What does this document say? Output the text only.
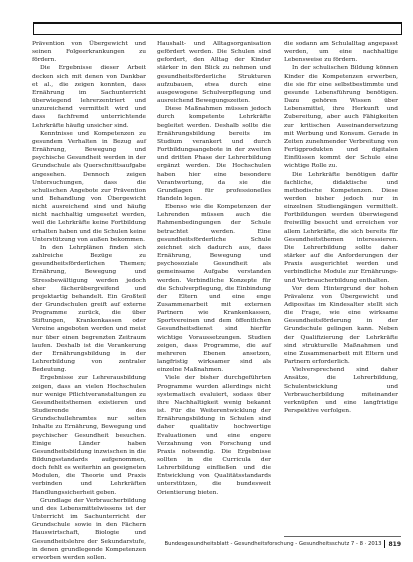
Prävention von Übergewicht und seinen Folgeerkrankungen zu fördern.

Die Ergebnisse dieser Arbeit decken sich mit denen von Dankbar et al., die zeigen konnten, dass Ernährung im Sachunterricht überwiegend lehrerzentriert und unzureichend vermittelt wird und dass fachfremd unterrichtende Lehrkräfte häufig unsicher sind.

Kenntnisse und Kompetenzen zu gesundem Verhalten in Bezug auf Ernährung, Bewegung und psychische Gesundheit werden in der Grundschule als Querschnittsaufgabe angesehen. Dennoch zeigen Untersuchungen, dass die schulischen Angebote zur Prävention und Behandlung von Übergewicht nicht ausreichend sind und häufig nicht nachhaltig umgesetzt werden, weil die Lehrkräfte keine Fortbildung erhalten haben und die Schulen keine Unterstützung von außen bekommen.

In den Lehrplänen finden sich zahlreiche Bezüge zu gesundheitsförderlichen Themen; Ernährung, Bewegung und Stressbewältigung werden jedoch eher fächerübergreifend und projektartig behandelt. Ein Großteil der Grundschulen greift auf externe Programme zurück, die über Stiftungen, Krankenkassen oder Vereine angeboten werden und meist nur über einen begrenzten Zeitraum laufen. Deshalb ist die Verankerung der Ernährungsbildung in der Lehrerbildung von zentraler Bedeutung.

Ergebnisse zur Lehrerausbildung zeigen, dass an vielen Hochschulen nur wenige Pflichtveranstaltungen zu Gesundheitsthemen existieren und Studierende des Grundschullehramtes nur selten Inhalte zu Ernährung, Bewegung und psychischer Gesundheit besuchen. Einige Länder haben Gesundheitsbildung inzwischen in die Bildungsstandards aufgenommen, doch fehlt es weiterhin an geeigneten Modulen, die Theorie und Praxis verbinden und Lehrkräften Handlungssicherheit geben.

Grundlage der Verbraucherbildung und des Lebensmittelwissens ist der Unterricht im Sachunterricht der Grundschule sowie in den Fächern Hauswirtschaft, Biologie und Gesundheitslehre der Sekundarstufe, in denen grundlegende Kompetenzen erworben werden sollen.

Haushalt- und Alltagsorganisation gefördert werden. Die Schulen sind gefordert, den Alltag der Kinder stärker in den Blick zu nehmen und gesundheitsförderliche Strukturen aufzubauen, etwa durch eine ausgewogene Schulverpflegung und ausreichend Bewegungszeiten.

Diese Maßnahmen müssen jedoch durch kompetente Lehrkräfte begleitet werden. Deshalb sollte die Ernährungsbildung bereits im Studium verankert und durch Fortbildungsangebote in der zweiten und dritten Phase der Lehrerbildung ergänzt werden. Die Hochschulen haben hier eine besondere Verantwortung, da sie die Grundlagen für professionelles Handeln legen.

Ebenso wie die Kompetenzen der Lehrenden müssen auch die Rahmenbedingungen der Schule betrachtet werden. Eine gesundheitsförderliche Schule zeichnet sich dadurch aus, dass Ernährung, Bewegung und psychosoziale Gesundheit als gemeinsame Aufgabe verstanden werden. Verbindliche Konzepte für die Schulverpflegung, die Einbindung der Eltern und eine enge Zusammenarbeit mit externen Partnern wie Krankenkassen, Sportvereinen und dem öffentlichen Gesundheitsdienst sind hierfür wichtige Voraussetzungen. Studien zeigen, dass Programme, die auf mehreren Ebenen ansetzen, langfristig wirksamer sind als einzelne Maßnahmen.

Viele der bisher durchgeführten Programme wurden allerdings nicht systematisch evaluiert, sodass über ihre Nachhaltigkeit wenig bekannt ist. Für die Weiterentwicklung der Ernährungsbildung in Schulen sind daher qualitativ hochwertige Evaluationen und eine engere Verzahnung von Forschung und Praxis notwendig. Die Ergebnisse sollten in die Curricula der Lehrerbildung einfließen und die Entwicklung von Qualitätsstandards unterstützen, die bundesweit Orientierung bieten.

die sodann am Schulalltag angepasst werden, um eine nachhaltige Lebensweise zu fördern.

In der schulischen Bildung können Kinder die Kompetenzen erwerben, die sie für eine selbstbestimmte und gesunde Lebensführung benötigen. Dazu gehören Wissen über Lebensmittel, ihre Herkunft und Zubereitung, aber auch Fähigkeiten zur kritischen Auseinandersetzung mit Werbung und Konsum. Gerade in Zeiten zunehmender Verbreitung von Fertigprodukten und digitalen Einflüssen kommt der Schule eine wichtige Rolle zu.

Die Lehrkräfte benötigen dafür fachliche, didaktische und methodische Kompetenzen. Diese werden bisher jedoch nur in einzelnen Studiengängen vermittelt. Fortbildungen werden überwiegend freiwillig besucht und erreichen vor allem Lehrkräfte, die sich bereits für Gesundheitsthemen interessieren. Die Lehrerbildung sollte daher stärker auf die Anforderungen der Praxis ausgerichtet werden und verbindliche Module zur Ernährungs- und Verbraucherbildung enthalten.

Vor dem Hintergrund der hohen Prävalenz von Übergewicht und Adipositas im Kindesalter stellt sich die Frage, wie eine wirksame Gesundheitsförderung in der Grundschule gelingen kann. Neben der Qualifizierung der Lehrkräfte sind strukturelle Maßnahmen und eine Zusammenarbeit mit Eltern und Partnern erforderlich.

Vielversprechend sind daher Ansätze, die Lehrerbildung, Schulentwicklung und Verbraucherbildung miteinander verknüpfen und eine langfristige Perspektive verfolgen.

Bundesgesundheitsblatt - Gesundheitsforschung - Gesundheitsschutz 7 - 8 · 2013 819
